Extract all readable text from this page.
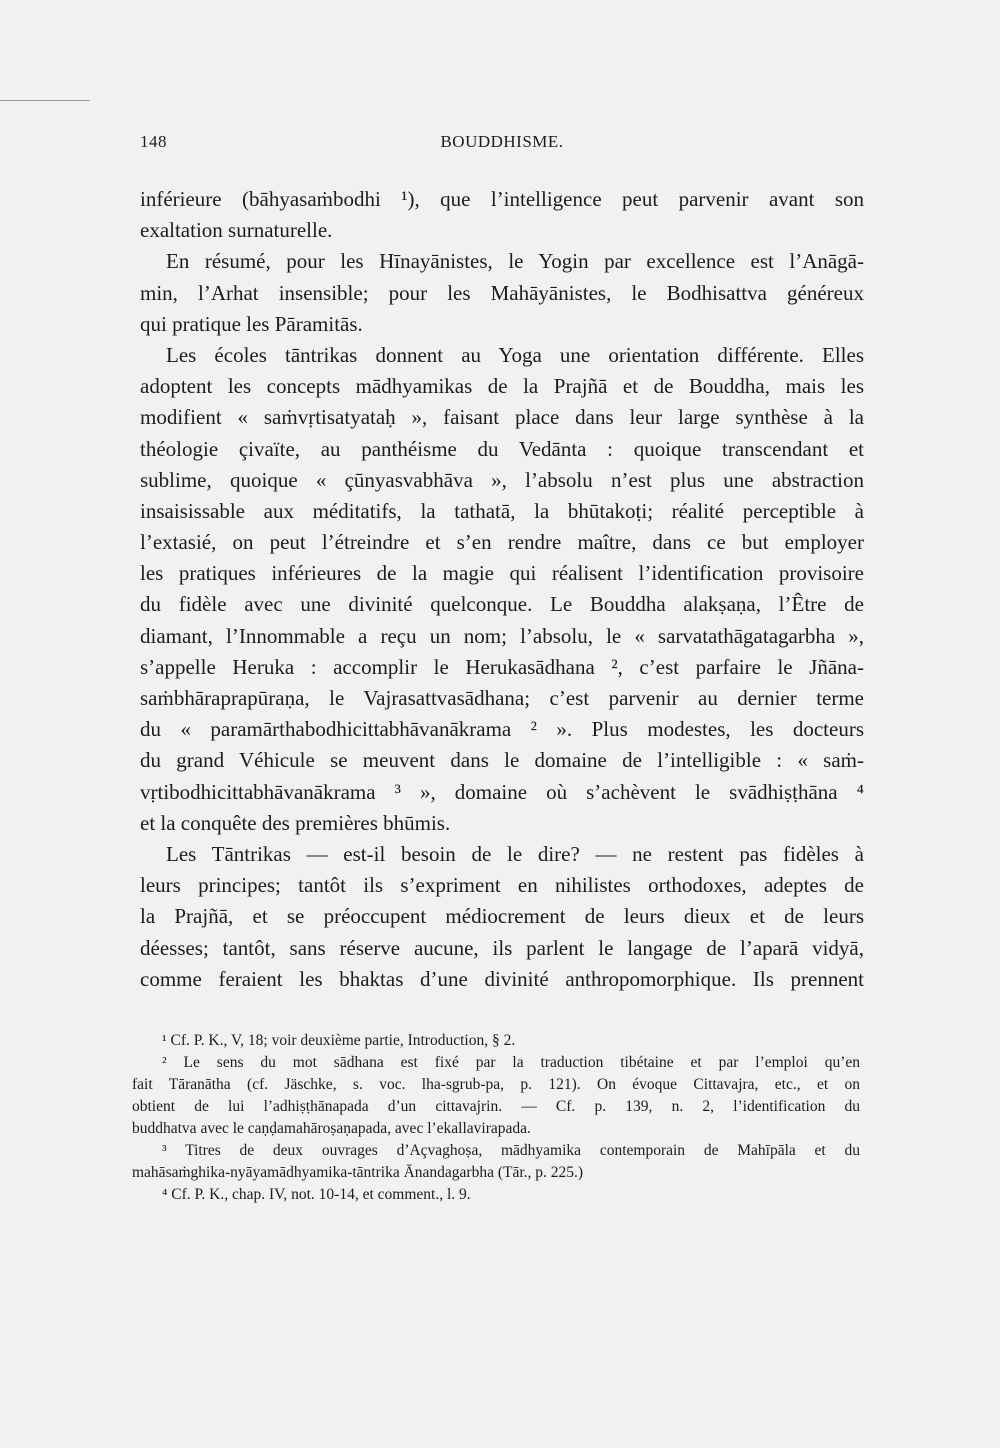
148	BOUDDHISME.
inférieure (bāhyasaṁbodhi ¹), que l’intelligence peut parvenir avant son
exaltation surnaturelle.
En résumé, pour les Hīnayānistes, le Yogin par excellence est l’Anāgā-
min, l’Arhat insensible; pour les Mahāyānistes, le Bodhisattva généreux
qui pratique les Pāramitās.
Les écoles tāntrikas donnent au Yoga une orientation différente. Elles
adoptent les concepts mādhyamikas de la Prajñā et de Bouddha, mais les
modifient « saṁvṛtisatyataḥ », faisant place dans leur large synthèse à la
théologie çivaïte, au panthéisme du Vedānta : quoique transcendant et
sublime, quoique « çūnyasvabhāva », l’absolu n’est plus une abstraction
insaisissable aux méditatifs, la tathatā, la bhūtakoṭi; réalité perceptible à
l’extasié, on peut l’étreindre et s’en rendre maître, dans ce but employer
les pratiques inférieures de la magie qui réalisent l’identification provisoire
du fidèle avec une divinité quelconque. Le Bouddha alakṣaṇa, l’Être de
diamant, l’Innommable a reçu un nom; l’absolu, le « sarvatathāgatagarbha »,
s’appelle Heruka : accomplir le Herukasādhana ², c’est parfaire le Jñāna-
saṁbhāraprapūraṇa, le Vajrasattvasādhana; c’est parvenir au dernier terme
du « paramārthabodhicittabhāvanākrama ² ». Plus modestes, les docteurs
du grand Véhicule se meuvent dans le domaine de l’intelligible : « saṁ-
vṛtibodhicittabhāvanākrama ³ », domaine où s’achèvent le svādhiṣṭhāna ⁴
et la conquête des premières bhūmis.
Les Tāntrikas — est-il besoin de le dire? — ne restent pas fidèles à
leurs principes; tantôt ils s’expriment en nihilistes orthodoxes, adeptes de
la Prajñā, et se préoccupent médiocrement de leurs dieux et de leurs
déesses; tantôt, sans réserve aucune, ils parlent le langage de l’aparā vidyā,
comme feraient les bhaktas d’une divinité anthropomorphique. Ils prennent
¹ Cf. P. K., V, 18; voir deuxième partie, Introduction, § 2.
² Le sens du mot sādhana est fixé par la traduction tibétaine et par l’emploi qu’en
fait Tāranātha (cf. Jäschke, s. voc. lha-sgrub-pa, p. 121). On évoque Cittavajra, etc., et on
obtient de lui l’adhiṣṭhānapada d’un cittavajrin. — Cf. p. 139, n. 2, l’identification du
buddhatva avec le caṇḍamahāroṣaṇapada, avec l’ekallavirapada.
³ Titres de deux ouvrages d’Açvaghoṣa, mādhyamika contemporain de Mahīpāla et du
mahāsaṁghika-nyāyamādhyamika-tāntrika Ānandagarbha (Tār., p. 225.)
⁴ Cf. P. K., chap. IV, not. 10-14, et comment., l. 9.
